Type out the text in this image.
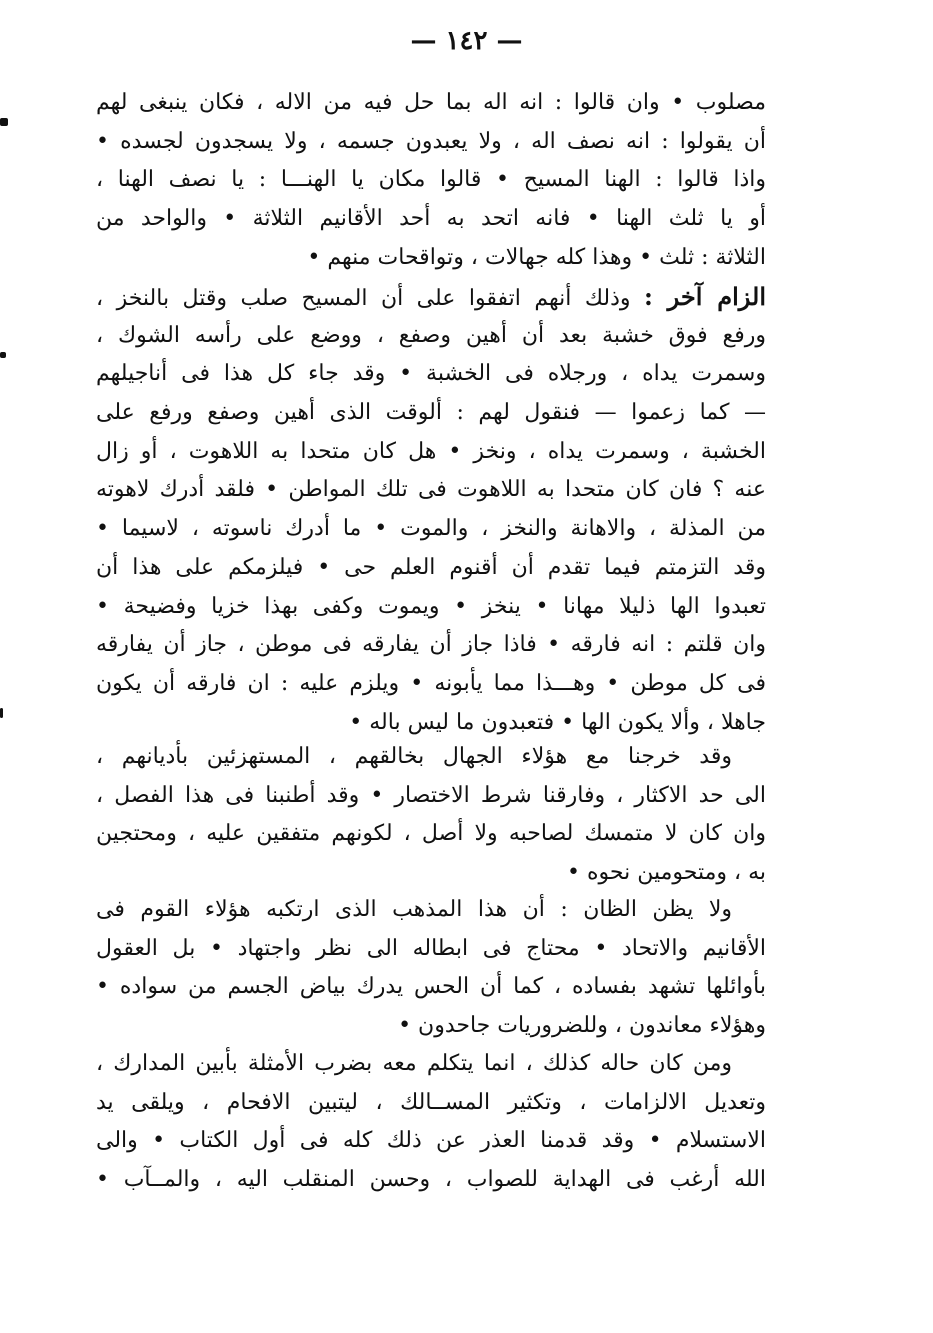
— ١٤٢ —
مصلوب • وان قالوا : انه اله بما حل فيه من الاله ، فكان ينبغى لهم
أن يقولوا : انه نصف اله ، ولا يعبدون جسمه ، ولا يسجدون لجسده •
واذا قالوا : الهنا المسيح • قالوا مكان يا الهنـــا : يا نصف الهنا ،
أو يا ثلث الهنا • فانه اتحد به أحد الأقانيم الثلاثة • والواحد من
الثلاثة : ثلث • وهذا كله جهالات ، وتواقحات منهم •
الزام آخر : وذلك أنهم اتفقوا على أن المسيح صلب وقتل بالنخز ،
ورفع فوق خشبة بعد أن أهين وصفع ، ووضع على رأسه الشوك ،
وسمرت يداه ، ورجلاه فى الخشبة • وقد جاء كل هذا فى أناجيلهم
— كما زعموا — فنقول لهم : ألوقت الذى أهين وصفع ورفع على
الخشبة ، وسمرت يداه ، ونخز • هل كان متحدا به اللاهوت ، أو زال
عنه ؟ فان كان متحدا به اللاهوت فى تلك المواطن • فلقد أدرك لاهوته
من المذلة ، والاهانة والنخز ، والموت • ما أدرك ناسوته ، لاسيما •
وقد التزمتم فيما تقدم أن أقنوم العلم حى • فيلزمكم على هذا أن
تعبدوا الها ذليلا مهانا • ينخز • ويموت وكفى بهذا خزيا وفضيحة •
وان قلتم : انه فارقه • فاذا جاز أن يفارقه فى موطن ، جاز أن يفارقه
فى كل موطن • وهـــذا مما يأبونه • ويلزم عليه : ان فارقه أن يكون
جاهلا ، وألا يكون الها • فتعبدون ما ليس باله •
وقد خرجنا مع هؤلاء الجهال بخالقهم ، المستهزئين بأديانهم ،
الى حد الاكثار ، وفارقنا شرط الاختصار • وقد أطنبنا فى هذا الفصل ،
وان كان لا متمسك لصاحبه ولا أصل ، لكونهم متفقين عليه ، ومحتجين
به ، ومتحومين نحوه •
ولا يظن الظان : أن هذا المذهب الذى ارتكبه هؤلاء القوم فى
الأقانيم والاتحاد • محتاج فى ابطاله الى نظر واجتهاد • بل العقول
بأوائلها تشهد بفساده ، كما أن الحس يدرك بياض الجسم من سواده •
وهؤلاء معاندون ، وللضروريات جاحدون •
ومن كان حاله كذلك ، انما يتكلم معه بضرب الأمثلة بأبين المدارك ،
وتعديل الالزامات ، وتكثير المســالك ، ليتبين الافحام ، ويلقى يد
الاستسلام • وقد قدمنا العذر عن ذلك كله فى أول الكتاب • والى
الله أرغب فى الهداية للصواب ، وحسن المنقلب اليه ، والمــآب •
